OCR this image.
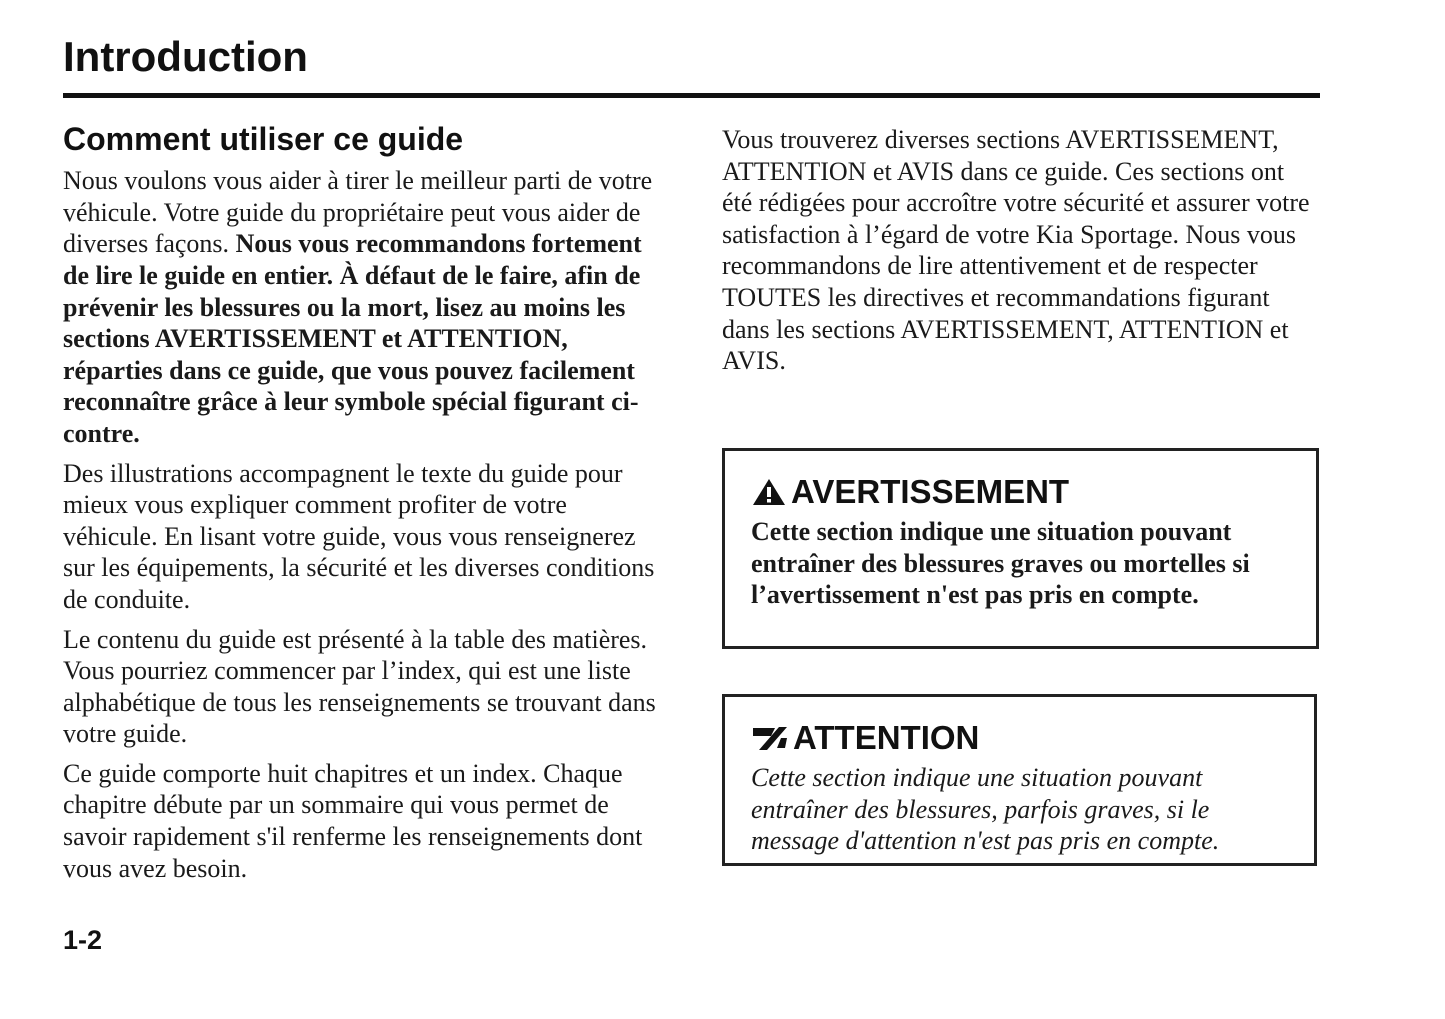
Introduction
Comment utiliser ce guide

Nous voulons vous aider à tirer le meilleur parti de votre véhicule. Votre guide du propriétaire peut vous aider de diverses façons. Nous vous recommandons fortement de lire le guide en entier. À défaut de le faire, afin de prévenir les blessures ou la mort, lisez au moins les sections AVERTISSEMENT et ATTENTION, réparties dans ce guide, que vous pouvez facilement reconnaître grâce à leur symbole spécial figurant ci-contre.

Des illustrations accompagnent le texte du guide pour mieux vous expliquer comment profiter de votre véhicule. En lisant votre guide, vous vous renseignerez sur les équipements, la sécurité et les diverses conditions de conduite.

Le contenu du guide est présenté à la table des matières. Vous pourriez commencer par l’index, qui est une liste alphabétique de tous les renseignements se trouvant dans votre guide.

Ce guide comporte huit chapitres et un index. Chaque chapitre débute par un sommaire qui vous permet de savoir rapidement s'il renferme les renseignements dont vous avez besoin.

Vous trouverez diverses sections AVERTISSEMENT, ATTENTION et AVIS dans ce guide. Ces sections ont été rédigées pour accroître votre sécurité et assurer votre satisfaction à l’égard de votre Kia Sportage. Nous vous recommandons de lire attentivement et de respecter TOUTES les directives et recommandations figurant dans les sections AVERTISSEMENT, ATTENTION et AVIS.

AVERTISSEMENT

Cette section indique une situation pouvant entraîner des blessures graves ou mortelles si l’avertissement n'est pas pris en compte.

ATTENTION

Cette section indique une situation pouvant entraîner des blessures, parfois graves, si le message d'attention n'est pas pris en compte.

1-2
